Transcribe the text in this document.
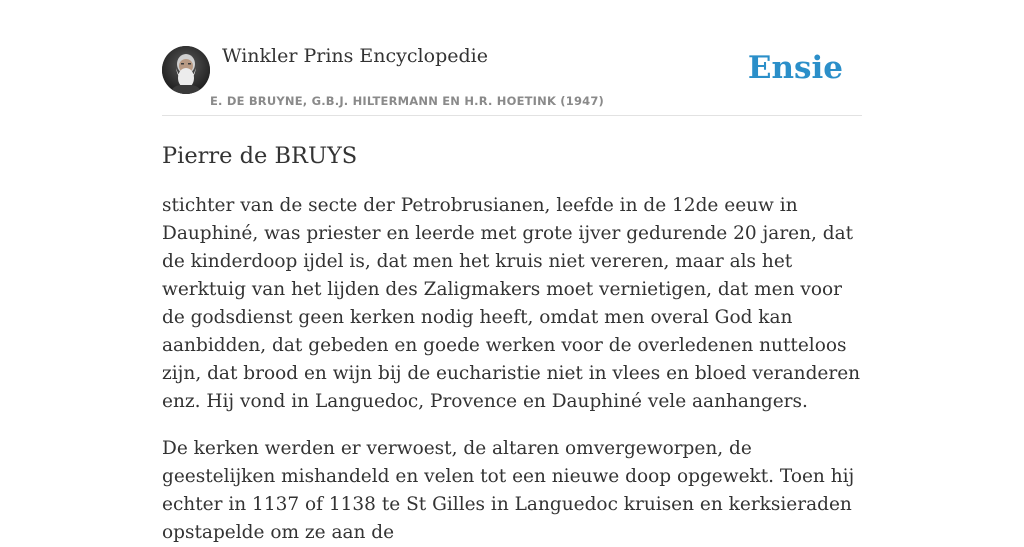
Winkler Prins Encyclopedie
E. DE BRUYNE, G.B.J. HILTERMANN EN H.R. HOETINK (1947)
Ensie
Pierre de BRUYS

stichter van de secte der Petrobrusianen, leefde in de 12de eeuw in Dauphiné, was priester en leerde met grote ijver gedurende 20 jaren, dat de kinderdoop ijdel is, dat men het kruis niet vereren, maar als het werktuig van het lijden des Zaligmakers moet vernietigen, dat men voor de godsdienst geen kerken nodig heeft, omdat men overal God kan aanbidden, dat gebeden en goede werken voor de overledenen nutteloos zijn, dat brood en wijn bij de eucharistie niet in vlees en bloed veranderen enz. Hij vond in Languedoc, Provence en Dauphiné vele aanhangers.

De kerken werden er verwoest, de altaren omvergeworpen, de geestelijken mishandeld en velen tot een nieuwe doop opgewekt. Toen hij echter in 1137 of 1138 te St Gilles in Languedoc kruisen en kerksieraden opstapelde om ze aan de
